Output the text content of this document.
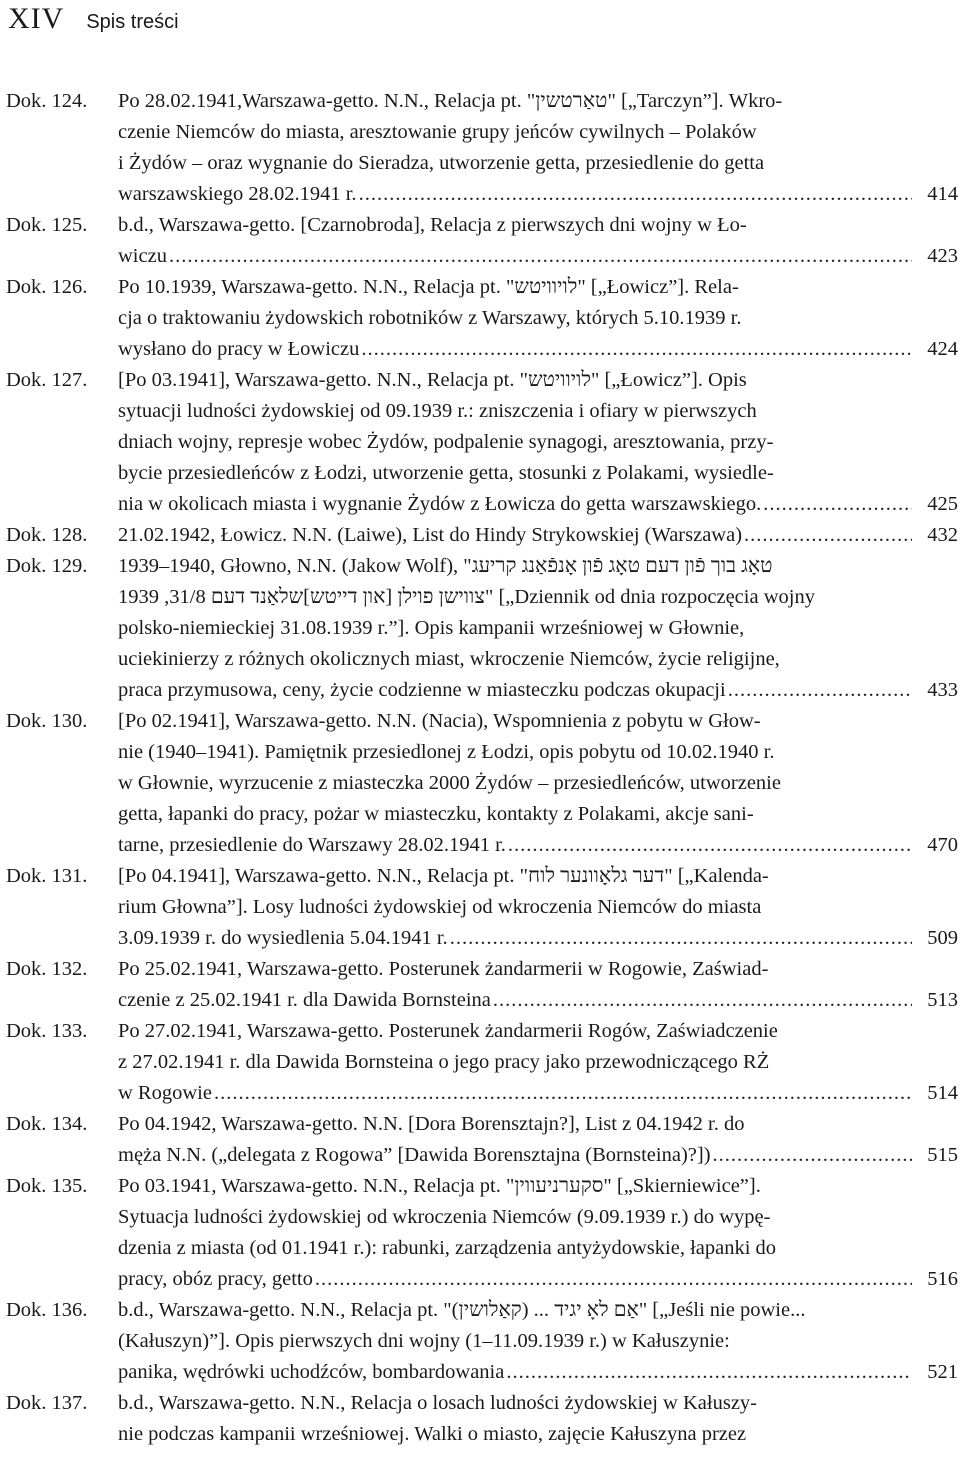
XIV Spis treści
Dok. 124.	Po 28.02.1941,Warszawa-getto. N.N., Relacja pt. "טאַרטשין" [„Tarczyn”]. Wkro-
czenie Niemców do miasta, aresztowanie grupy jeńców cywilnych – Polaków
i Żydów – oraz wygnanie do Sieradza, utworzenie getta, przesiedlenie do getta
warszawskiego 28.02.1941 r. .....	414
Dok. 125.	b.d., Warszawa-getto. [Czarnobroda], Relacja z pierwszych dni wojny w Ło-
wiczu .....	423
Dok. 126.	Po 10.1939, Warszawa-getto. N.N., Relacja pt. "לויוויטש" [„Łowicz”]. Rela-
cja o traktowaniu żydowskich robotników z Warszawy, których 5.10.1939 r.
wysłano do pracy w Łowiczu .....	424
Dok. 127.	[Po 03.1941], Warszawa-getto. N.N., Relacja pt. "לויוויטש" [„Łowicz”]. Opis
sytuacji ludności żydowskiej od 09.1939 r.: zniszczenia i ofiary w pierwszych
dniach wojny, represje wobec Żydów, podpalenie synagogi, aresztowania, przy-
bycie przesiedleńców z Łodzi, utworzenie getta, stosunki z Polakami, wysiedle-
nia w okolicach miasta i wygnanie Żydów z Łowicza do getta warszawskiego. .....	425
Dok. 128.	21.02.1942, Łowicz. N.N. (Laiwe), List do Hindy Strykowskiej (Warszawa) .....	432
Dok. 129.	1939–1940, Głowno, N.N. (Jakow Wolf), "טאָג בוך פֿון דעם טאָג פֿון אָנפֿאַנג קריעג
1939 ,31/8 צווישן פוילן [און דייטש]שלאַנד דעם" [„Dziennik od dnia rozpoczęcia wojny
polsko-niemieckiej 31.08.1939 r.”]. Opis kampanii wrześniowej w Głownie,
uciekinierzy z różnych okolicznych miast, wkroczenie Niemców, życie religijne,
praca przymusowa, ceny, życie codzienne w miasteczku podczas okupacji .....	433
Dok. 130.	[Po 02.1941], Warszawa-getto. N.N. (Nacia), Wspomnienia z pobytu w Głow-
nie (1940–1941). Pamiętnik przesiedlonej z Łodzi, opis pobytu od 10.02.1940 r.
w Głownie, wyrzucenie z miasteczka 2000 Żydów – przesiedleńców, utworzenie
getta, łapanki do pracy, pożar w miasteczku, kontakty z Polakami, akcje sani-
tarne, przesiedlenie do Warszawy 28.02.1941 r. .....	470
Dok. 131.	[Po 04.1941], Warszawa-getto. N.N., Relacja pt. "דער גלאָוונער לוח" [„Kalenda-
rium Głowna”]. Losy ludności żydowskiej od wkroczenia Niemców do miasta
3.09.1939 r. do wysiedlenia 5.04.1941 r. .....	509
Dok. 132.	Po 25.02.1941, Warszawa-getto. Posterunek żandarmerii w Rogowie, Zaświad-
czenie z 25.02.1941 r. dla Dawida Bornsteina .....	513
Dok. 133.	Po 27.02.1941, Warszawa-getto. Posterunek żandarmerii Rogów, Zaświadczenie
z 27.02.1941 r. dla Dawida Bornsteina o jego pracy jako przewodniczącego RŻ
w Rogowie .....	514
Dok. 134.	Po 04.1942, Warszawa-getto. N.N. [Dora Borensztajn?], List z 04.1942 r. do
męża N.N. („delegata z Rogowa” [Dawida Borensztajna (Bornsteina)?]) .....	515
Dok. 135.	Po 03.1941, Warszawa-getto. N.N., Relacja pt. "סקערניעווין" [„Skierniewice”].
Sytuacja ludności żydowskiej od wkroczenia Niemców (9.09.1939 r.) do wypę-
dzenia z miasta (od 01.1941 r.): rabunki, zarządzenia antyżydowskie, łapanki do
pracy, obóz pracy, getto .....	516
Dok. 136.	b.d., Warszawa-getto. N.N., Relacja pt. "(קאַלושין) ... אַם לאָ יגיד" [„Jeśli nie powie...
(Kałuszyn)”]. Opis pierwszych dni wojny (1–11.09.1939 r.) w Kałuszynie:
panika, wędrówki uchodźców, bombardowania .....	521
Dok. 137.	b.d., Warszawa-getto. N.N., Relacja o losach ludności żydowskiej w Kałuszy-
nie podczas kampanii wrześniowej. Walki o miasto, zajęcie Kałuszyna przez
